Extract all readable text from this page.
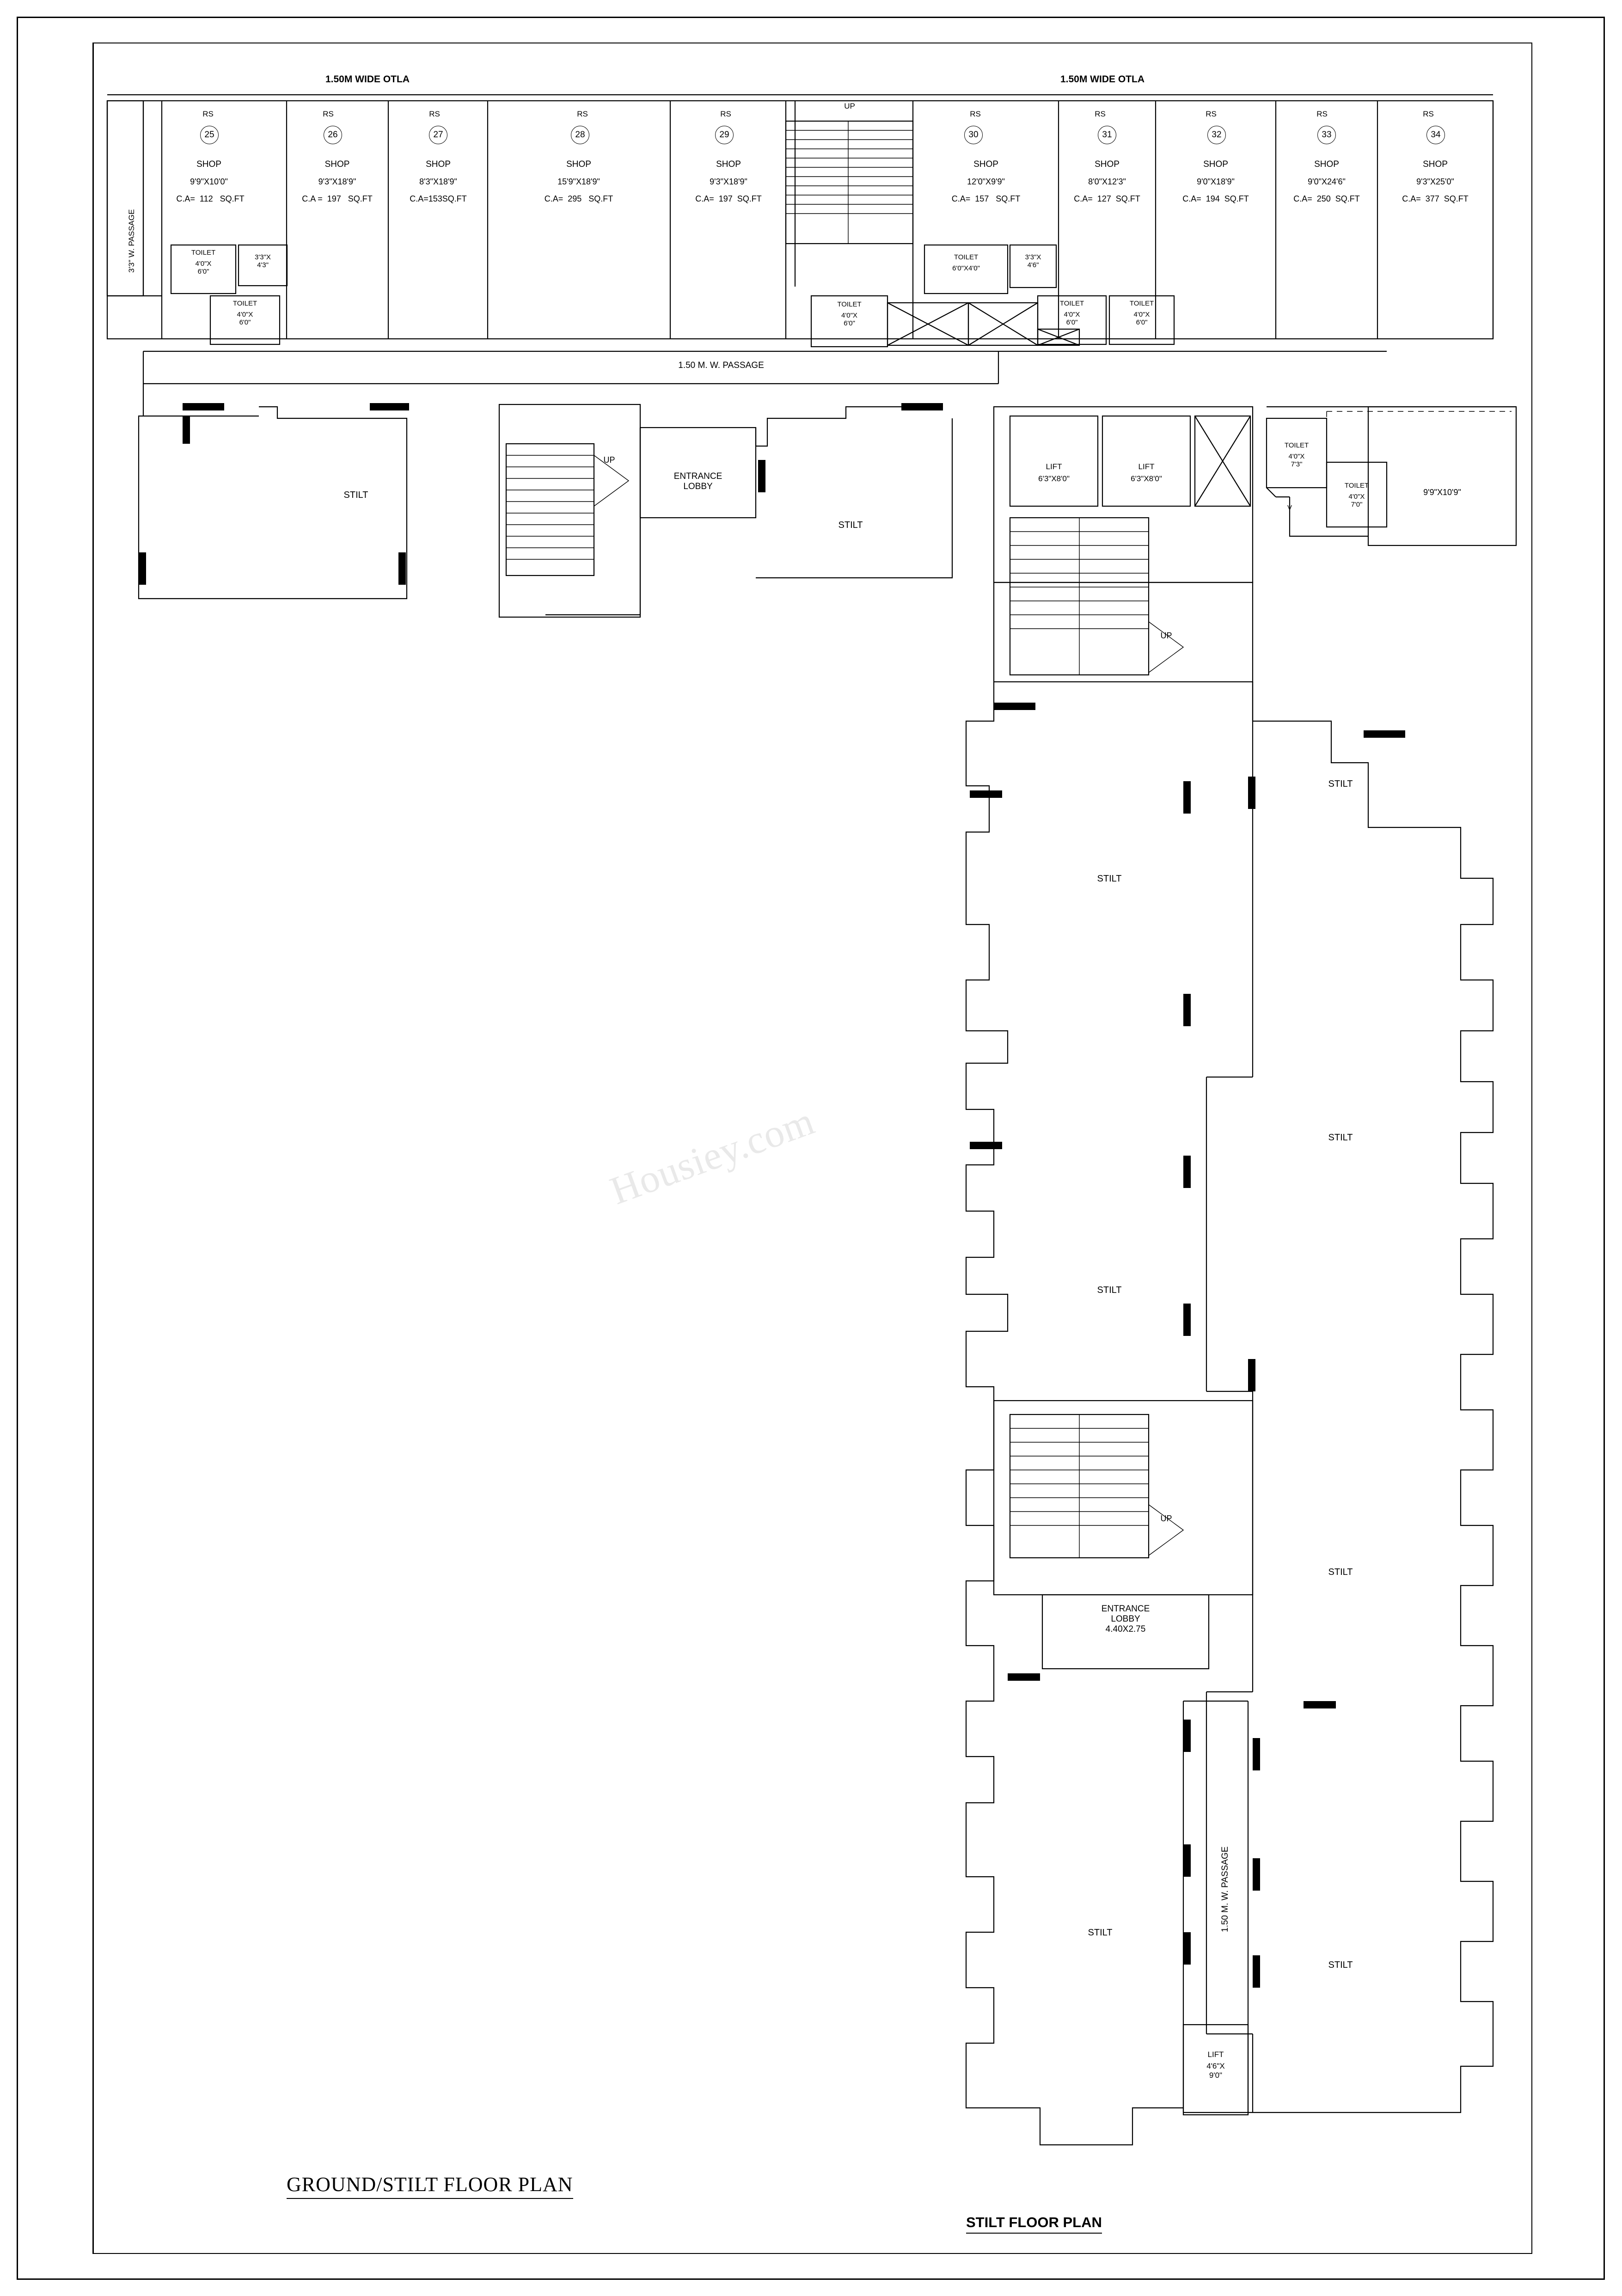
Housiey.com
1.50M WIDE OTLA	1.50M WIDE OTLA
RS	RS	RS	RS	RS	RS	RS	RS	RS	RS
UP
3'3" W. PASSAGE
25
SHOP
9'9"X10'0"
C.A=  112   SQ.FT
26
SHOP
9'3"X18'9"
C.A =  197   SQ.FT
27
SHOP
8'3"X18'9"
C.A=153SQ.FT
28
SHOP
15'9"X18'9"
C.A=  295   SQ.FT
29
SHOP
9'3"X18'9"
C.A=  197  SQ.FT
30
SHOP
12'0"X9'9"
C.A=  157   SQ.FT
31
SHOP
8'0"X12'3"
C.A=  127  SQ.FT
32
SHOP
9'0"X18'9"
C.A=  194  SQ.FT
33
SHOP
9'0"X24'6"
C.A=  250  SQ.FT
34
SHOP
9'3"X25'0"
C.A=  377  SQ.FT
TOILET
4'0"X
6'0"
3'3"X
4'3"
TOILET
4'0"X
6'0"
TOILET
4'0"X
6'0"
TOILET
6'0"X4'0"
3'3"X
4'6"
TOILET
4'0"X
6'0"
TOILET
4'0"X
6'0"
TOILET
4'0"X
7'3"
TOILET
4'0"X
7'0"
V
9'9"X10'9"
1.50 M. W. PASSAGE
1.50 M. W. PASSAGE
STILT
STILT
STILT
STILT
STILT
STILT
STILT
STILT
STILT
ENTRANCE
LOBBY
ENTRANCE
LOBBY
4.40X2.75
LIFT
6'3"X8'0"
LIFT
6'3"X8'0"
LIFT
4'6"X
9'0"
UP
UP
UP
GROUND/STILT FLOOR PLAN
STILT FLOOR PLAN
